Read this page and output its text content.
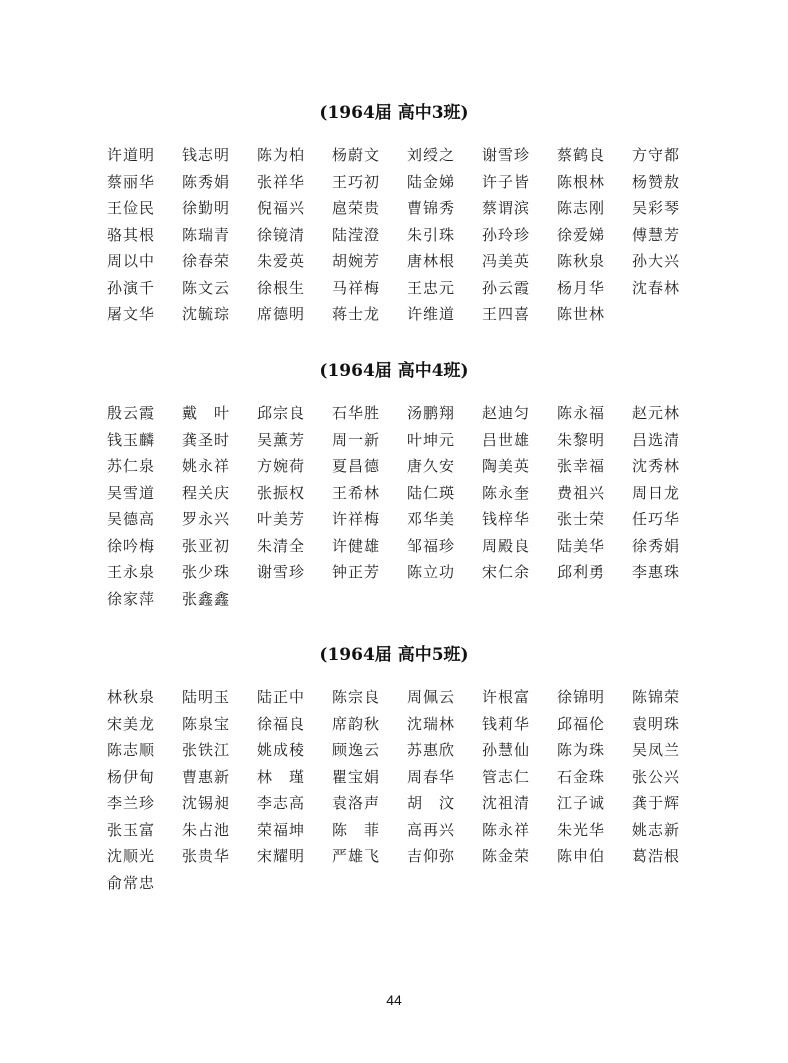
(1964届 高中3班)
许道明 钱志明 陈为柏 杨蔚文 刘绶之 谢雪珍 蔡鹤良 方守都
蔡丽华 陈秀娟 张祥华 王巧初 陆金娣 许子皆 陈根林 杨赞敖
王俭民 徐勤明 倪福兴 扈荣贵 曹锦秀 蔡谓滨 陈志刚 吴彩琴
骆其根 陈瑞青 徐镜清 陆滢澄 朱引珠 孙玲珍 徐爱娣 傅慧芳
周以中 徐春荣 朱爱英 胡婉芳 唐林根 冯美英 陈秋泉 孙大兴
孙演千 陈文云 徐根生 马祥梅 王忠元 孙云霞 杨月华 沈春林
屠文华 沈毓琮 席德明 蒋士龙 许维道 王四喜 陈世林
(1964届 高中4班)
殷云霞 戴　叶 邱宗良 石华胜 汤鹏翔 赵迪匀 陈永福 赵元林
钱玉麟 龚圣时 吴薰芳 周一新 叶坤元 吕世雄 朱黎明 吕选清
苏仁泉 姚永祥 方婉荷 夏昌德 唐久安 陶美英 张幸福 沈秀林
吴雪道 程关庆 张振权 王希林 陆仁瑛 陈永奎 费祖兴 周日龙
吴德高 罗永兴 叶美芳 许祥梅 邓华美 钱梓华 张士荣 任巧华
徐吟梅 张亚初 朱清全 许健雄 邹福珍 周殿良 陆美华 徐秀娟
王永泉 张少珠 谢雪珍 钟正芳 陈立功 宋仁余 邱利勇 李惠珠
徐家萍 张鑫鑫
(1964届 高中5班)
林秋泉 陆明玉 陆正中 陈宗良 周佩云 许根富 徐锦明 陈锦荣
宋美龙 陈泉宝 徐福良 席韵秋 沈瑞林 钱莉华 邱福伦 袁明珠
陈志顺 张铁江 姚成稜 顾逸云 苏惠欣 孙慧仙 陈为珠 吴凤兰
杨伊甸 曹惠新 林　瑾 瞿宝娟 周春华 管志仁 石金珠 张公兴
李兰珍 沈锡昶 李志高 袁洛声 胡　汶 沈祖清 江子诚 龚于辉
张玉富 朱占池 荣福坤 陈　菲 高再兴 陈永祥 朱光华 姚志新
沈顺光 张贵华 宋耀明 严雄飞 吉仰弥 陈金荣 陈申伯 葛浩根
俞常忠
44
